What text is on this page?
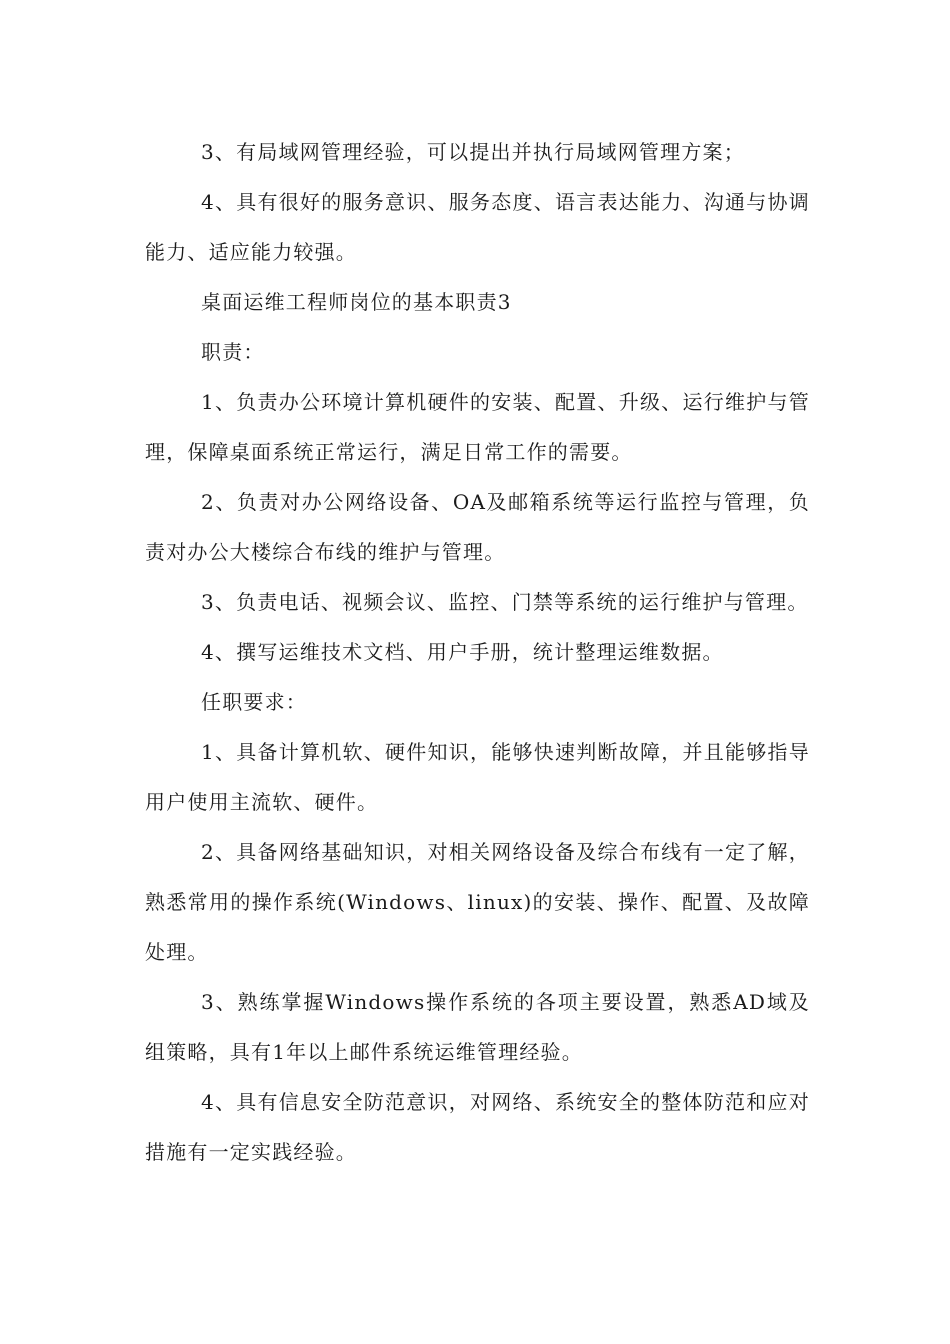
3、有局域网管理经验，可以提出并执行局域网管理方案；

4、具有很好的服务意识、服务态度、语言表达能力、沟通与协调能力、适应能力较强。

桌面运维工程师岗位的基本职责3

职责：

1、负责办公环境计算机硬件的安装、配置、升级、运行维护与管理，保障桌面系统正常运行，满足日常工作的需要。

2、负责对办公网络设备、OA及邮箱系统等运行监控与管理，负责对办公大楼综合布线的维护与管理。

3、负责电话、视频会议、监控、门禁等系统的运行维护与管理。

4、撰写运维技术文档、用户手册，统计整理运维数据。

任职要求：

1、具备计算机软、硬件知识，能够快速判断故障，并且能够指导用户使用主流软、硬件。

2、具备网络基础知识，对相关网络设备及综合布线有一定了解，熟悉常用的操作系统(Windows、linux)的安装、操作、配置、及故障处理。

3、熟练掌握Windows操作系统的各项主要设置，熟悉AD域及组策略，具有1年以上邮件系统运维管理经验。

4、具有信息安全防范意识，对网络、系统安全的整体防范和应对措施有一定实践经验。
